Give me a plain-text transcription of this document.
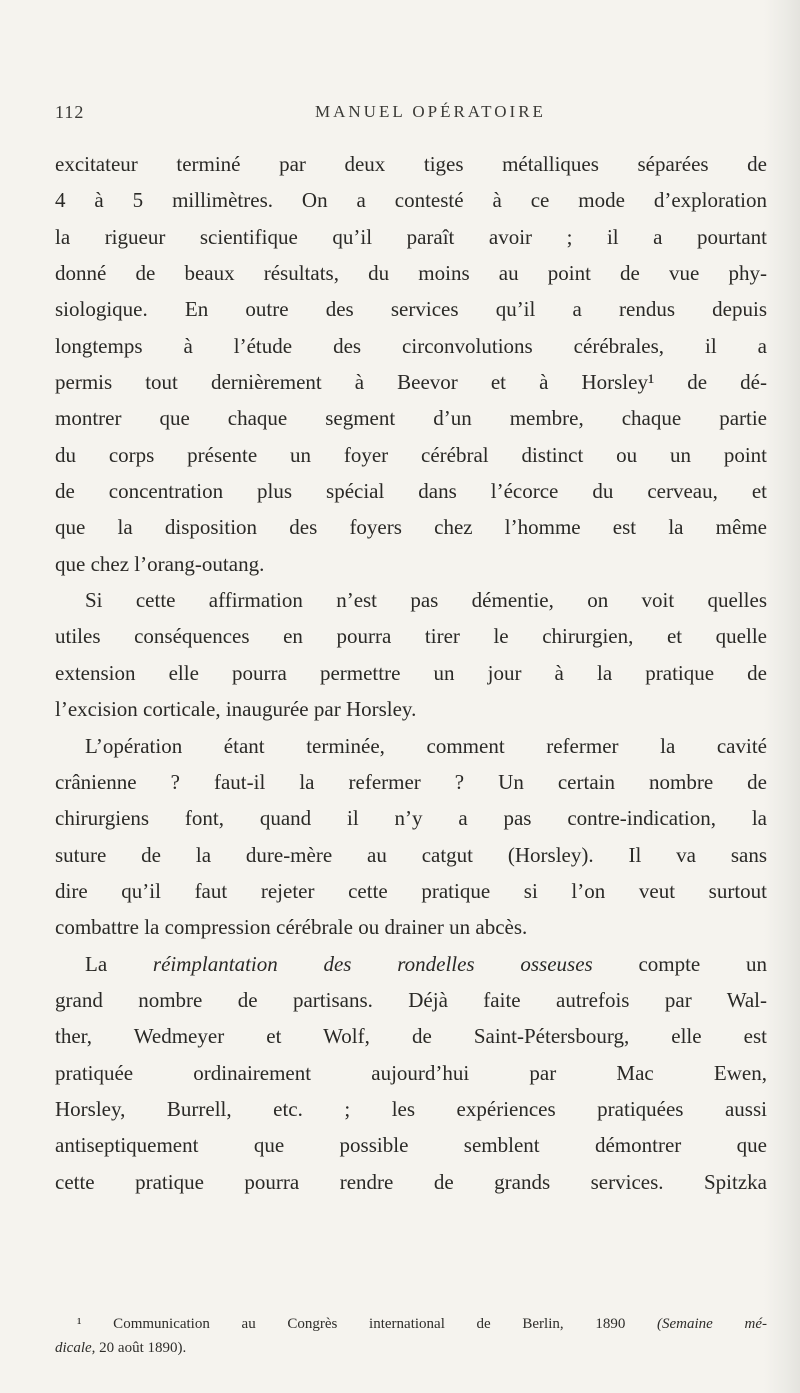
112	MANUEL OPÉRATOIRE
excitateur terminé par deux tiges métalliques séparées de
4 à 5 millimètres. On a contesté à ce mode d’exploration
la rigueur scientifique qu’il paraît avoir ; il a pourtant
donné de beaux résultats, du moins au point de vue phy-
siologique. En outre des services qu’il a rendus depuis
longtemps à l’étude des circonvolutions cérébrales, il a
permis tout dernièrement à Beevor et à Horsley¹ de dé-
montrer que chaque segment d’un membre, chaque partie
du corps présente un foyer cérébral distinct ou un point
de concentration plus spécial dans l’écorce du cerveau, et
que la disposition des foyers chez l’homme est la même
que chez l’orang-outang.
Si cette affirmation n’est pas démentie, on voit quelles
utiles conséquences en pourra tirer le chirurgien, et quelle
extension elle pourra permettre un jour à la pratique de
l’excision corticale, inaugurée par Horsley.
L’opération étant terminée, comment refermer la cavité
crânienne ? faut-il la refermer ? Un certain nombre de
chirurgiens font, quand il n’y a pas contre-indication, la
suture de la dure-mère au catgut (Horsley). Il va sans
dire qu’il faut rejeter cette pratique si l’on veut surtout
combattre la compression cérébrale ou drainer un abcès.
La réimplantation des rondelles osseuses compte un
grand nombre de partisans. Déjà faite autrefois par Wal-
ther, Wedmeyer et Wolf, de Saint-Pétersbourg, elle est
pratiquée ordinairement aujourd’hui par Mac Ewen,
Horsley, Burrell, etc. ; les expériences pratiquées aussi
antiseptiquement que possible semblent démontrer que
cette pratique pourra rendre de grands services. Spitzka
¹ Communication au Congrès international de Berlin, 1890 (Semaine mé-
dicale, 20 août 1890).
